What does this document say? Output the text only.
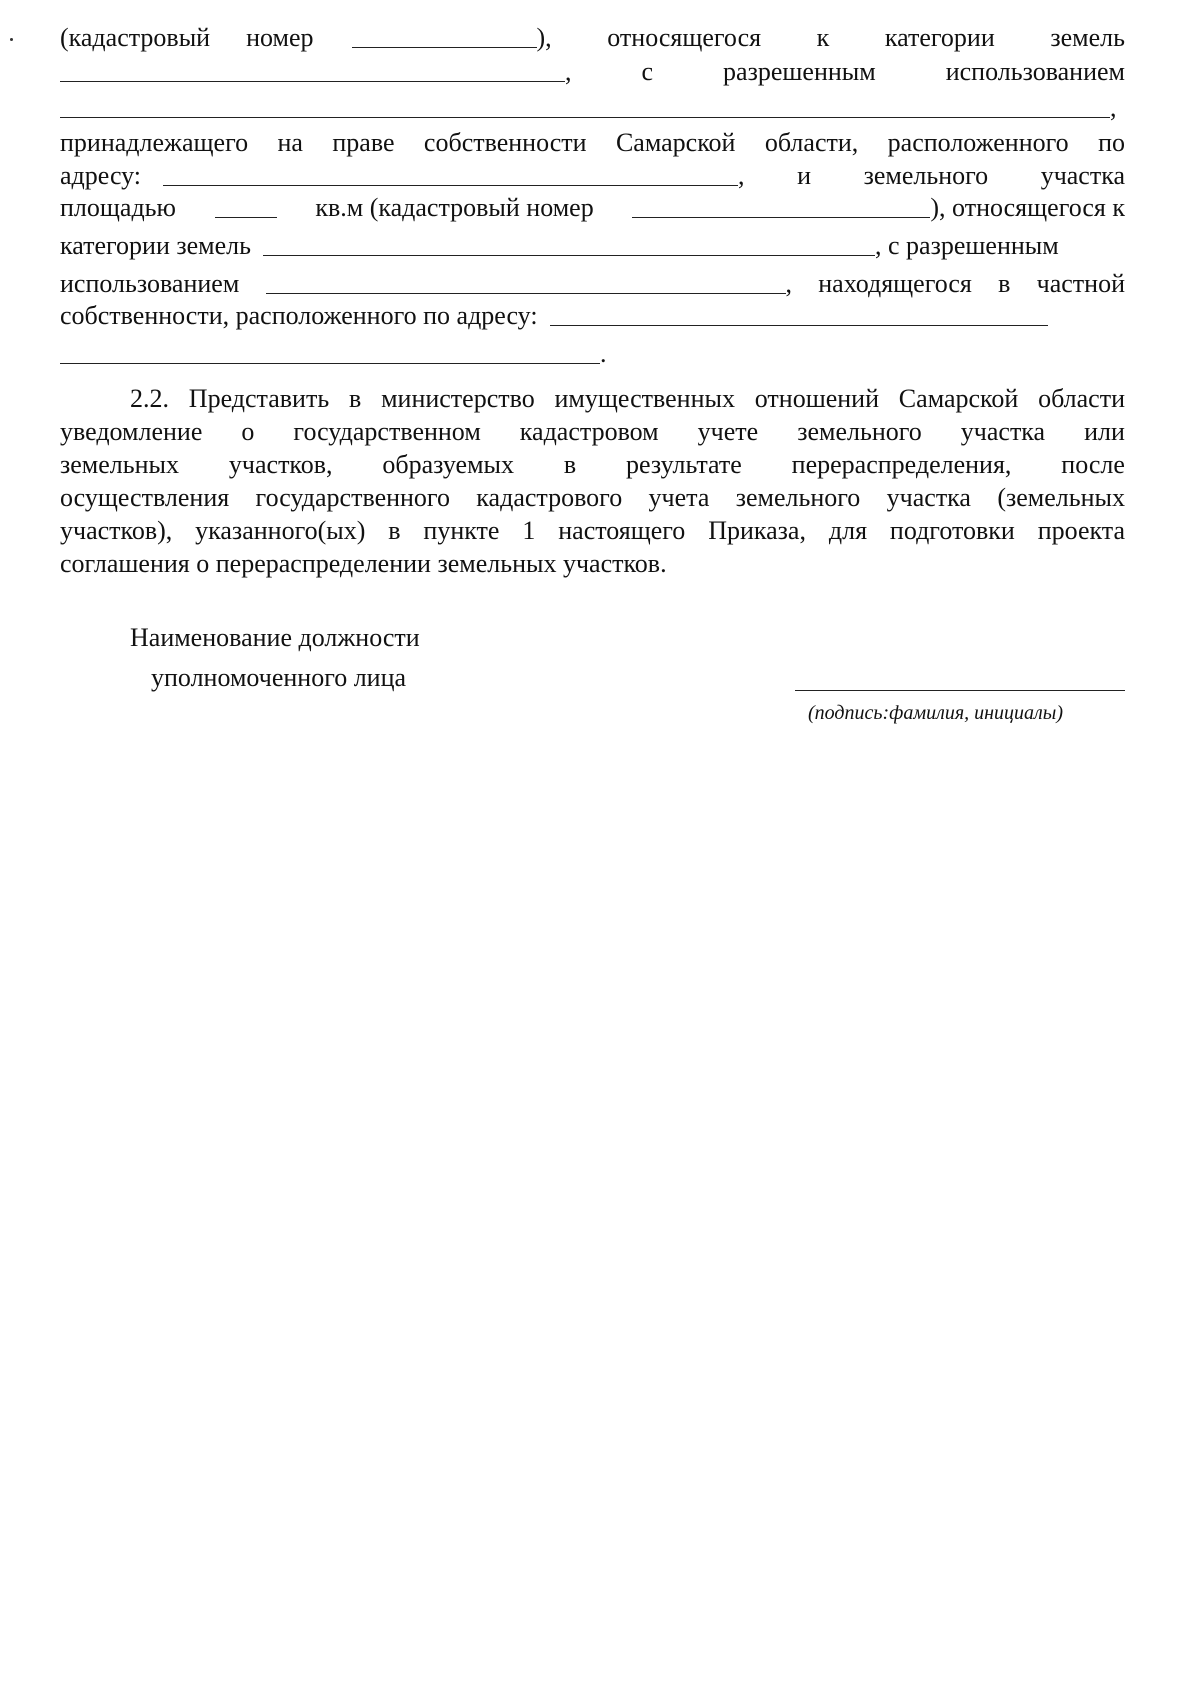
(кадастровый номер	), относящегося к категории земель
,	с	разрешенным	использованием
,
принадлежащего на праве собственности Самарской области, расположенного по
адресу:	, и земельного участка
площадью	кв.м (кадастровый номер	), относящегося к
категории земель	, с разрешенным
использованием	, находящегося в частной
собственности, расположенного по адресу:
.
2.2. Представить в министерство имущественных отношений Самарской области
уведомление о государственном кадастровом учете земельного участка или
земельных участков, образуемых в результате перераспределения, после
осуществления государственного кадастрового учета земельного участка (земельных
участков), указанного(ых) в пункте 1 настоящего Приказа, для подготовки проекта
соглашения о перераспределении земельных участков.
Наименование должности
уполномоченного лица
(подпись:фамилия, инициалы)
